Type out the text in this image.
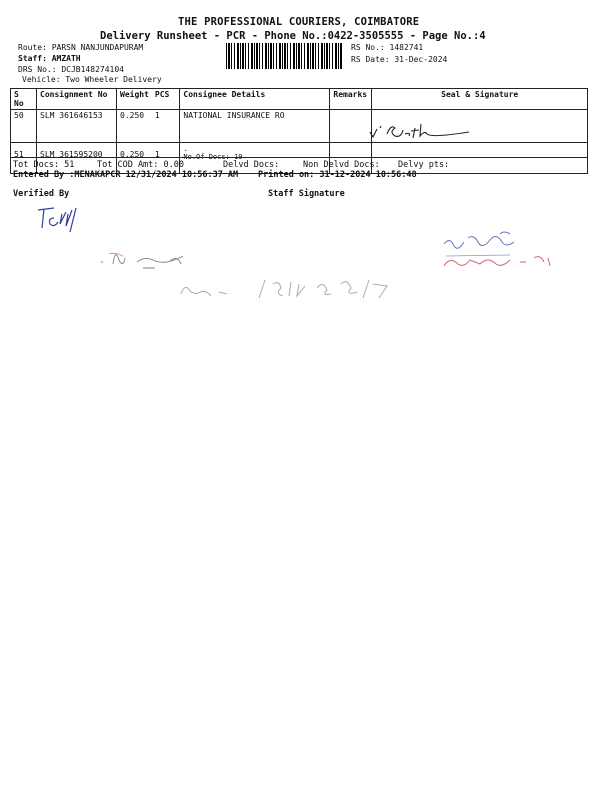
THE PROFESSIONAL COURIERS, COIMBATORE
Delivery Runsheet - PCR - Phone No.:0422-3505555 - Page No.:4
Route: PARSN NANJUNDAPURAM
Staff: AMZATH
DRS No.: DCJB148274104
Vehicle: Two Wheeler Delivery
RS No.: 1482741
RS Date: 31-Dec-2024
S No	Consignment No	Weight	PCS	Consignee Details	Remarks	Seal & Signature
50	SLM 361646153	0.250	1	NATIONAL INSURANCE RO		
51	SLM 361595200	0.250	1	.
No.Of Docs: 19		

Tot Docs: 51	Tot COD Amt: 0.00	Delvd Docs:	Non Delvd Docs: Delvy pts:
Entered By :MENAKAPCR 12/31/2024 10:56:37 AM Printed on: 31-12-2024 10:56:48
Verified By	Staff Signature
